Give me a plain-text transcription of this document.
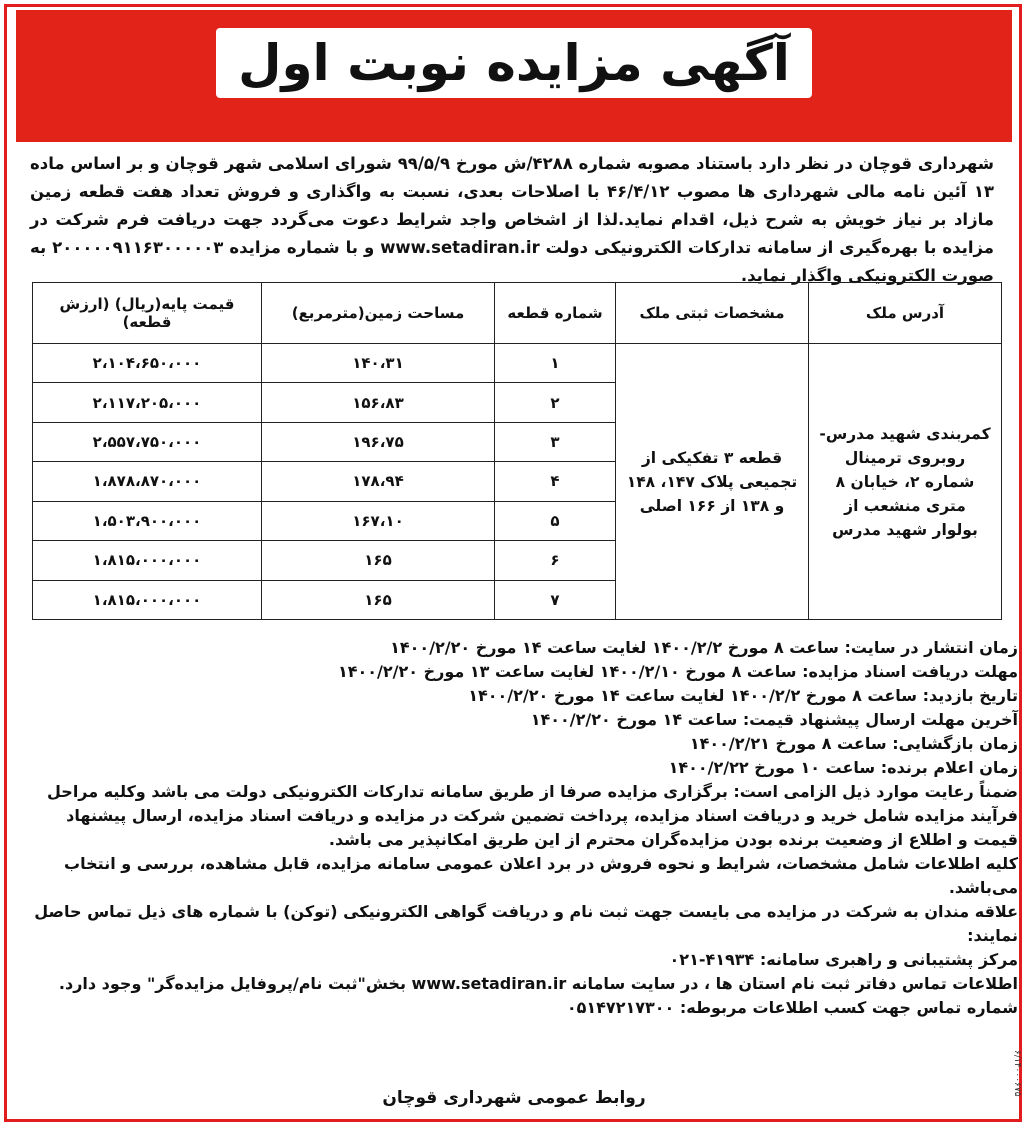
آگهی مزایده نوبت اول
شهرداری قوچان در نظر دارد باستناد مصوبه شماره ۴۲۸۸/ش مورخ ۹۹/۵/۹ شورای اسلامی شهر قوچان و بر اساس ماده ۱۳ آئین نامه مالی شهرداری ها مصوب ۴۶/۴/۱۲ با اصلاحات بعدی، نسبت به واگذاری و فروش تعداد هفت قطعه زمین مازاد بر نیاز خویش به شرح ذیل، اقدام نماید.لذا از اشخاص واجد شرایط دعوت می‌گردد جهت دریافت فرم شرکت در مزایده با بهره‌گیری از سامانه تدارکات الکترونیکی دولت www.setadiran.ir و با شماره مزایده ۲۰۰۰۰۰۹۱۱۶۳۰۰۰۰۰۳ به صورت الکترونیکی واگذار نماید.
آدرس ملک	مشخصات ثبتی ملک	شماره قطعه	مساحت زمین(مترمربع)	قیمت پایه(ریال) (ارزش قطعه)
کمربندی شهید مدرس- روبروی ترمینال شماره ۲، خیابان ۸ متری منشعب از بولوار شهید مدرس	قطعه ۳ تفکیکی از تجمیعی پلاک ۱۴۷، ۱۴۸ و ۱۳۸ از ۱۶۶ اصلی	۱	۱۴۰،۳۱	۲،۱۰۴،۶۵۰،۰۰۰
		۲	۱۵۶،۸۳	۲،۱۱۷،۲۰۵،۰۰۰
		۳	۱۹۶،۷۵	۲،۵۵۷،۷۵۰،۰۰۰
		۴	۱۷۸،۹۴	۱،۸۷۸،۸۷۰،۰۰۰
		۵	۱۶۷،۱۰	۱،۵۰۳،۹۰۰،۰۰۰
		۶	۱۶۵	۱،۸۱۵،۰۰۰،۰۰۰
		۷	۱۶۵	۱،۸۱۵،۰۰۰،۰۰۰

زمان انتشار در سایت: ساعت ۸ مورخ ۱۴۰۰/۲/۲ لغایت ساعت ۱۴ مورخ ۱۴۰۰/۲/۲۰

مهلت دریافت اسناد مزایده: ساعت ۸ مورخ ۱۴۰۰/۲/۱۰ لغایت ساعت ۱۳ مورخ ۱۴۰۰/۲/۲۰

تاریخ بازدید: ساعت ۸ مورخ ۱۴۰۰/۲/۲ لغایت ساعت ۱۴ مورخ ۱۴۰۰/۲/۲۰

آخرین مهلت ارسال پیشنهاد قیمت: ساعت ۱۴ مورخ ۱۴۰۰/۲/۲۰

زمان بازگشایی: ساعت ۸ مورخ ۱۴۰۰/۲/۲۱

زمان اعلام برنده: ساعت ۱۰ مورخ ۱۴۰۰/۲/۲۲

ضمناً رعایت موارد ذیل الزامی است: برگزاری مزایده صرفا از طریق سامانه تدارکات الکترونیکی دولت می باشد وکلیه مراحل فرآیند مزایده شامل خرید و دریافت اسناد مزایده، پرداخت تضمین شرکت در مزایده و دریافت اسناد مزایده، ارسال پیشنهاد قیمت و اطلاع از وضعیت برنده بودن مزایده‌گران محترم از این طریق امکانپذیر می باشد.

کلیه اطلاعات شامل مشخصات، شرایط و نحوه فروش در برد اعلان عمومی سامانه مزایده، قابل مشاهده، بررسی و انتخاب می‌باشد.

علاقه مندان به شرکت در مزایده می بایست جهت ثبت نام و دریافت گواهی الکترونیکی (توکن) با شماره های ذیل تماس حاصل نمایند:

مرکز پشتیبانی و راهبری سامانه: ۴۱۹۳۴-۰۲۱

اطلاعات تماس دفاتر ثبت نام استان ها ، در سایت سامانه www.setadiran.ir بخش"ثبت نام/پروفایل مزایده‌گر" وجود دارد.

شماره تماس جهت کسب اطلاعات مربوطه: ۰۵۱۴۷۲۱۷۳۰۰

روابط عمومی شهرداری قوچان
۶/۱۴۰۰۰۶۷۵
